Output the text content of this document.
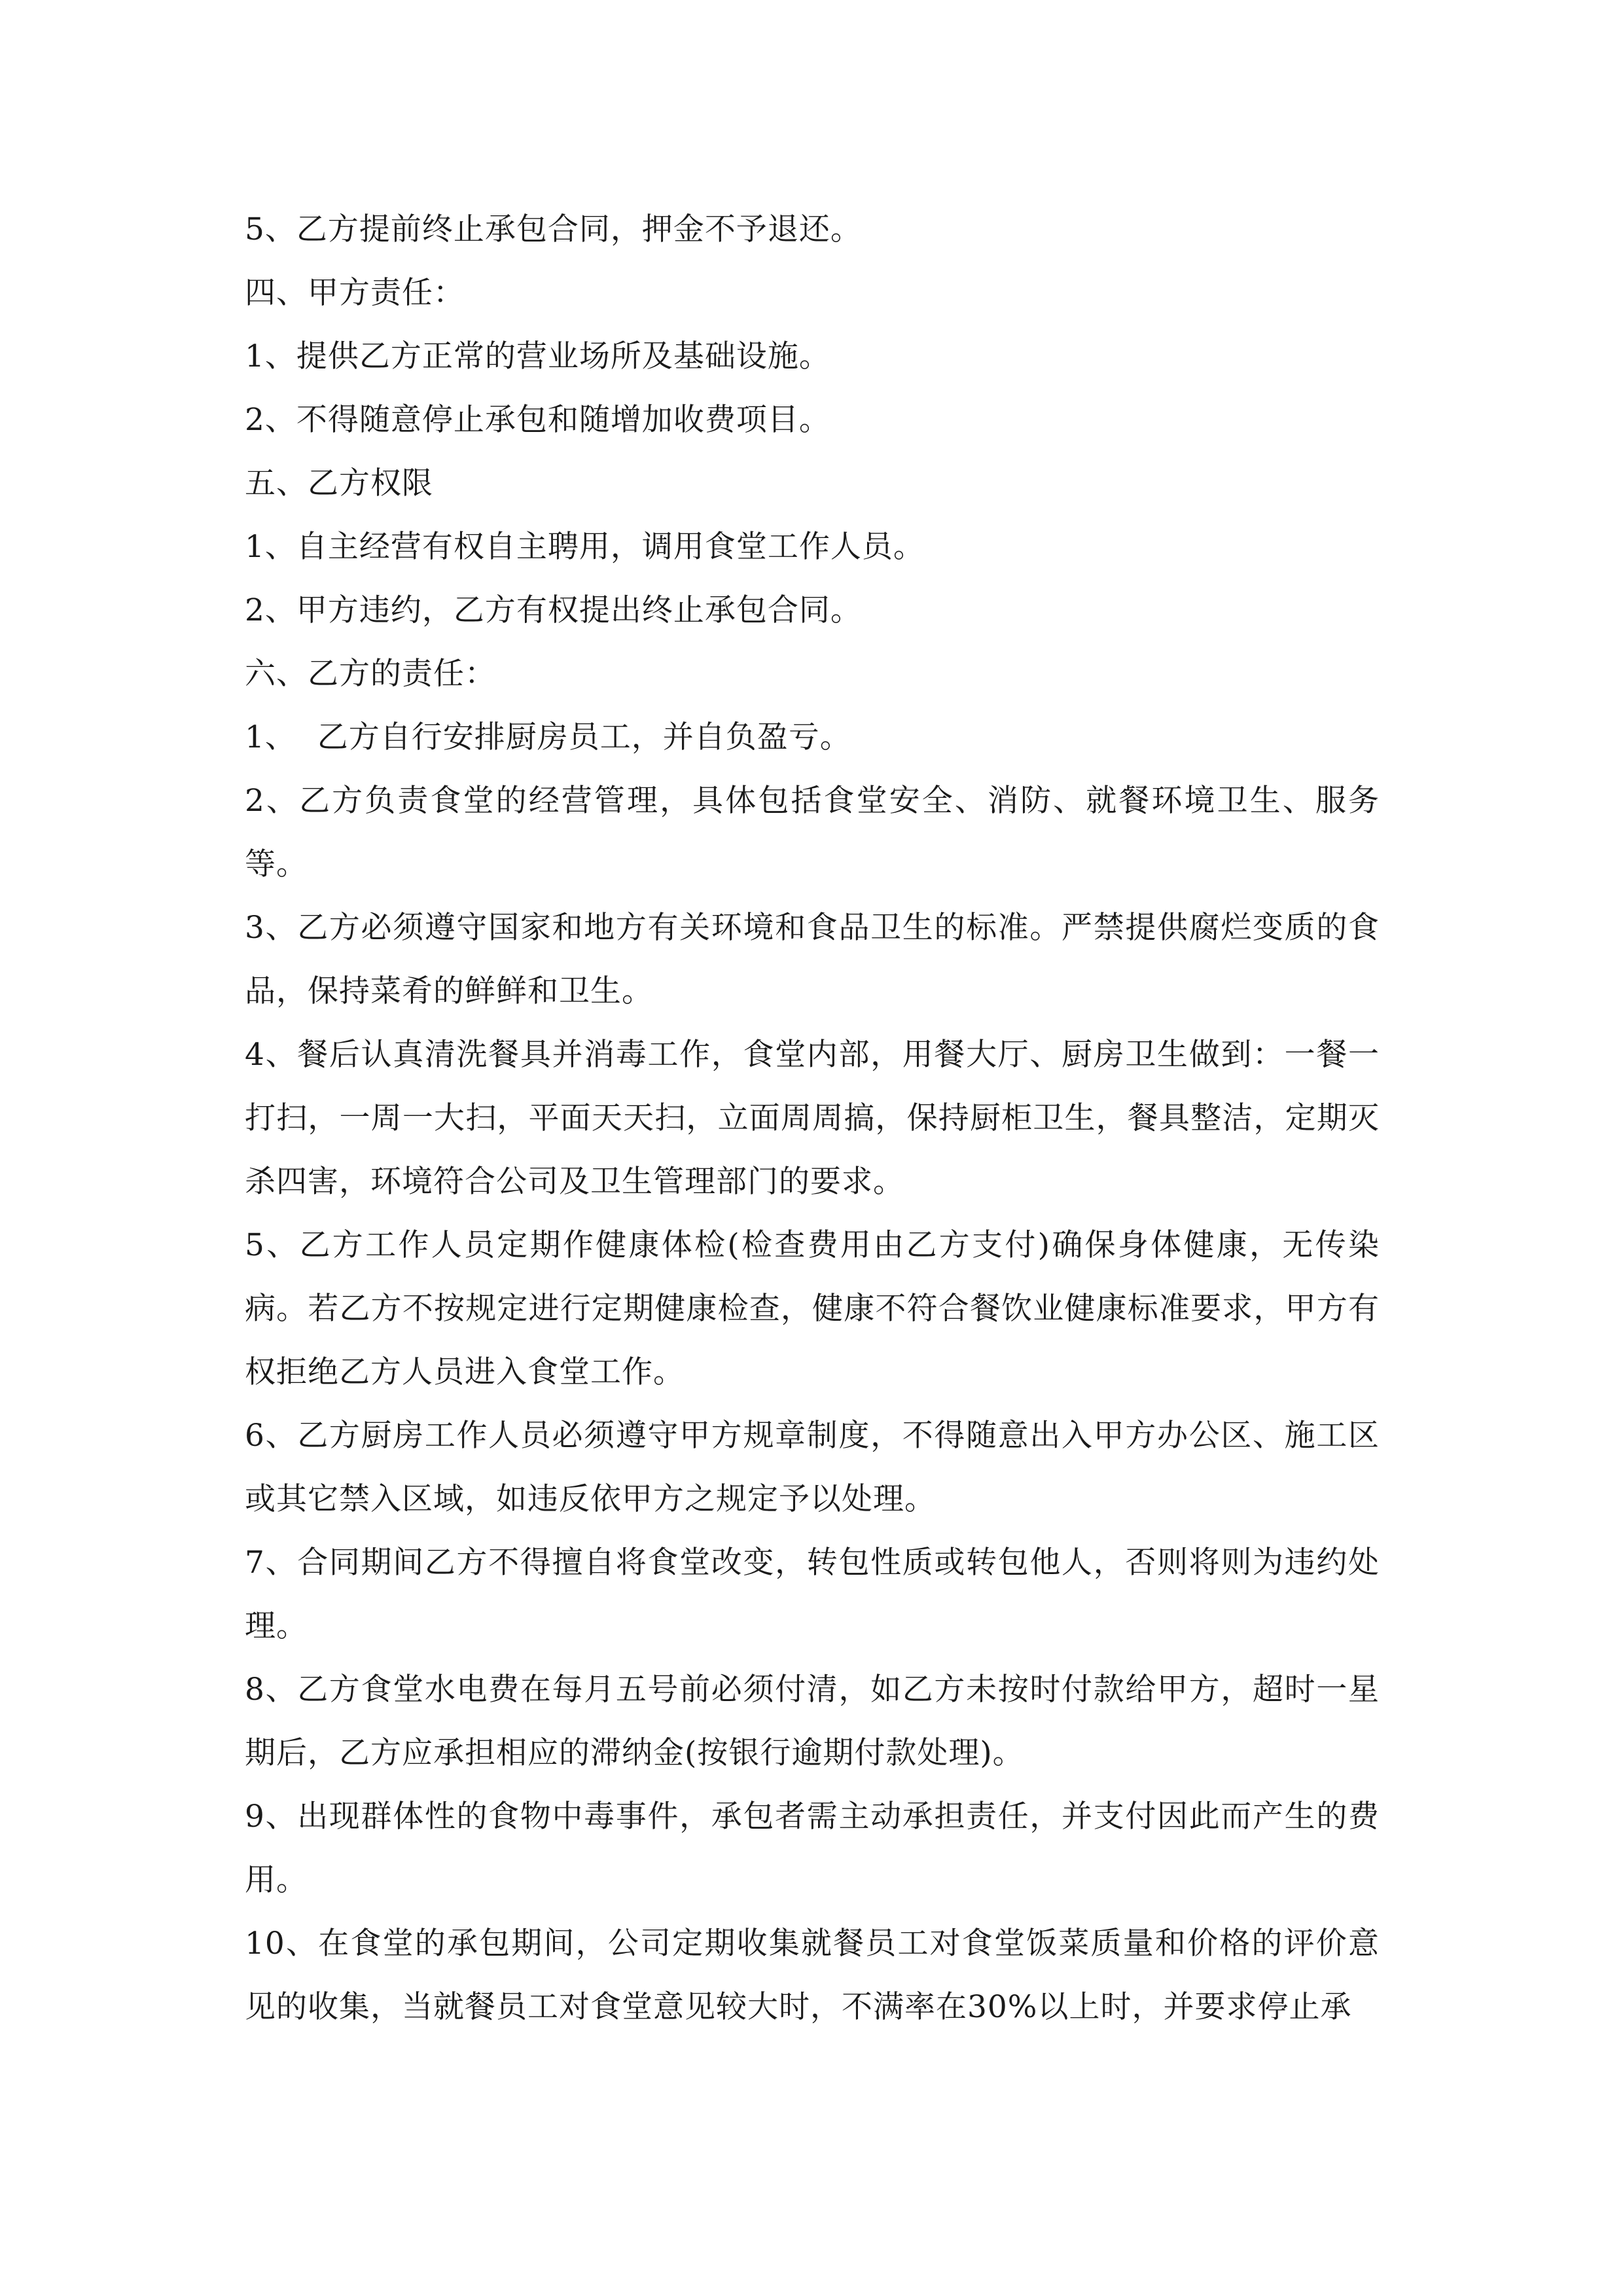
5、乙方提前终止承包合同，押金不予退还。

四、甲方责任：

1、提供乙方正常的营业场所及基础设施。

2、不得随意停止承包和随增加收费项目。

五、乙方权限

1、自主经营有权自主聘用，调用食堂工作人员。

2、甲方违约，乙方有权提出终止承包合同。

六、乙方的责任：

1、  乙方自行安排厨房员工，并自负盈亏。

2、乙方负责食堂的经营管理，具体包括食堂安全、消防、就餐环境卫生、服务等。

3、乙方必须遵守国家和地方有关环境和食品卫生的标准。严禁提供腐烂变质的食品，保持菜肴的鲜鲜和卫生。

4、餐后认真清洗餐具并消毒工作，食堂内部，用餐大厅、厨房卫生做到：一餐一打扫，一周一大扫，平面天天扫，立面周周搞，保持厨柜卫生，餐具整洁，定期灭杀四害，环境符合公司及卫生管理部门的要求。

5、乙方工作人员定期作健康体检(检查费用由乙方支付)确保身体健康，无传染病。若乙方不按规定进行定期健康检查，健康不符合餐饮业健康标准要求，甲方有权拒绝乙方人员进入食堂工作。

6、乙方厨房工作人员必须遵守甲方规章制度，不得随意出入甲方办公区、施工区或其它禁入区域，如违反依甲方之规定予以处理。

7、合同期间乙方不得擅自将食堂改变，转包性质或转包他人，否则将则为违约处理。

8、乙方食堂水电费在每月五号前必须付清，如乙方未按时付款给甲方，超时一星期后，乙方应承担相应的滞纳金(按银行逾期付款处理)。

9、出现群体性的食物中毒事件，承包者需主动承担责任，并支付因此而产生的费用。

10、在食堂的承包期间，公司定期收集就餐员工对食堂饭菜质量和价格的评价意见的收集，当就餐员工对食堂意见较大时，不满率在30%以上时，并要求停止承
